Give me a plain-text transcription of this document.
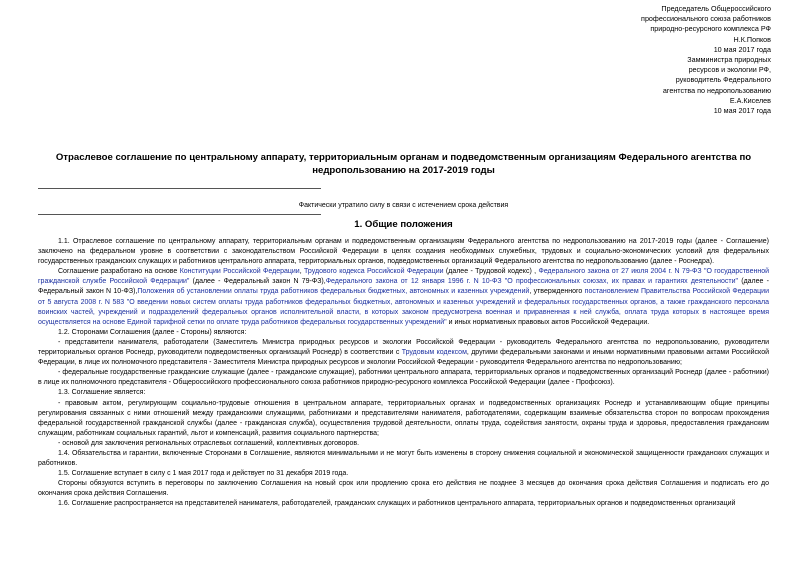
Председатель Общероссийского
профессионального союза работников
природно-ресурсного комплекса РФ
Н.К.Попков
10 мая 2017 года
Замминистра природных
ресурсов и экологии РФ,
руководитель Федерального
агентства по недропользованию
Е.А.Киселев
10 мая 2017 года
Отраслевое соглашение по центральному аппарату, территориальным органам и подведомственным организациям Федерального агентства по недропользованию на 2017-2019 годы
Фактически утратило силу в связи с истечением срока действия
1. Общие положения

1.1. Отраслевое соглашение по центральному аппарату, территориальным органам и подведомственным организациям Федерального агентства по недропользованию на 2017-2019 годы (далее - Соглашение) заключено на федеральном уровне в соответствии с законодательством Российской Федерации в целях создания необходимых служебных, трудовых и социально-экономических условий для федеральных государственных гражданских служащих и работников центрального аппарата, территориальных органов, подведомственных организаций Федерального агентства по недропользованию (далее - Роснедра).

Соглашение разработано на основе Конституции Российской Федерации, Трудового кодекса Российской Федерации (далее - Трудовой кодекс) , Федерального закона от 27 июля 2004 г. N 79-ФЗ "О государственной гражданской службе Российской Федерации" (далее - Федеральный закон N 79-ФЗ),Федерального закона от 12 января 1996 г. N 10-ФЗ "О профессиональных союзах, их правах и гарантиях деятельности" (далее - Федеральный закон N 10-ФЗ),Положения об установлении оплаты труда работников федеральных бюджетных, автономных и казенных учреждений, утвержденного постановлением Правительства Российской Федерации от 5 августа 2008 г. N 583 "О введении новых систем оплаты труда работников федеральных бюджетных, автономных и казенных учреждений и федеральных государственных органов, а также гражданского персонала воинских частей, учреждений и подразделений федеральных органов исполнительной власти, в которых законом предусмотрена военная и приравненная к ней служба, оплата труда которых в настоящее время осуществляется на основе Единой тарифной сетки по оплате труда работников федеральных государственных учреждений" и иных нормативных правовых актов Российской Федерации.

1.2. Сторонами Соглашения (далее - Стороны) являются:

- представители нанимателя, работодатели (Заместитель Министра природных ресурсов и экологии Российской Федерации - руководитель Федерального агентства по недропользованию, руководители территориальных органов Роснедр, руководители подведомственных организаций Роснедр) в соответствии с Трудовым кодексом, другими федеральными законами и иными нормативными правовыми актами Российской Федерации, в лице их полномочного представителя - Заместителя Министра природных ресурсов и экологии Российской Федерации - руководителя Федерального агентства по недропользованию;

- федеральные государственные гражданские служащие (далее - гражданские служащие), работники центрального аппарата, территориальных органов и подведомственных организаций Роснедр (далее - работники) в лице их полномочного представителя - Общероссийского профессионального союза работников природно-ресурсного комплекса Российской Федерации (далее - Профсоюз).

1.3. Соглашение является:

- правовым актом, регулирующим социально-трудовые отношения в центральном аппарате, территориальных органах и подведомственных организациях Роснедр и устанавливающим общие принципы регулирования связанных с ними отношений между гражданскими служащими, работниками и представителями нанимателя, работодателями, содержащим взаимные обязательства сторон по вопросам прохождения федеральной государственной гражданской службы (далее - гражданская служба), осуществления трудовой деятельности, оплаты труда, содействия занятости, охраны труда и здоровья, предоставления гражданским служащим, работникам социальных гарантий, льгот и компенсаций, развития социального партнерства;

- основой для заключения региональных отраслевых соглашений, коллективных договоров.

1.4. Обязательства и гарантии, включенные Сторонами в Соглашение, являются минимальными и не могут быть изменены в сторону снижения социальной и экономической защищенности гражданских служащих и работников.

1.5. Соглашение вступает в силу с 1 мая 2017 года и действует по 31 декабря 2019 года.

Стороны обязуются вступить в переговоры по заключению Соглашения на новый срок или продлению срока его действия не позднее 3 месяцев до окончания срока действия Соглашения и подписать его до окончания срока действия Соглашения.

1.6. Соглашение распространяется на представителей нанимателя, работодателей, гражданских служащих и работников центрального аппарата, территориальных органов и подведомственных организаций
